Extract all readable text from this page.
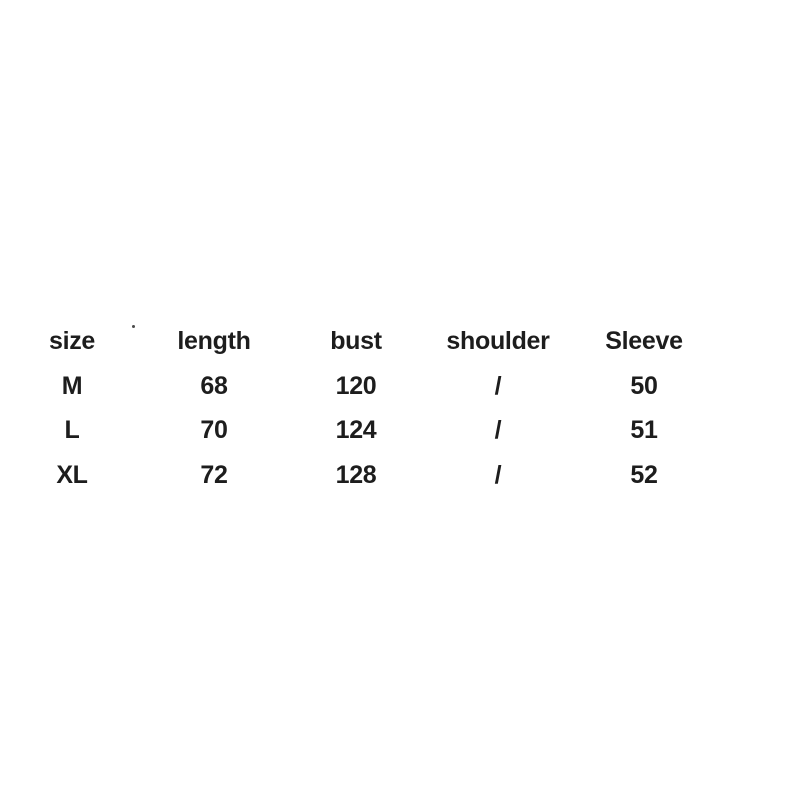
size	length	bust	shoulder	Sleeve
M	68	120	/	50
L	70	124	/	51
XL	72	128	/	52
